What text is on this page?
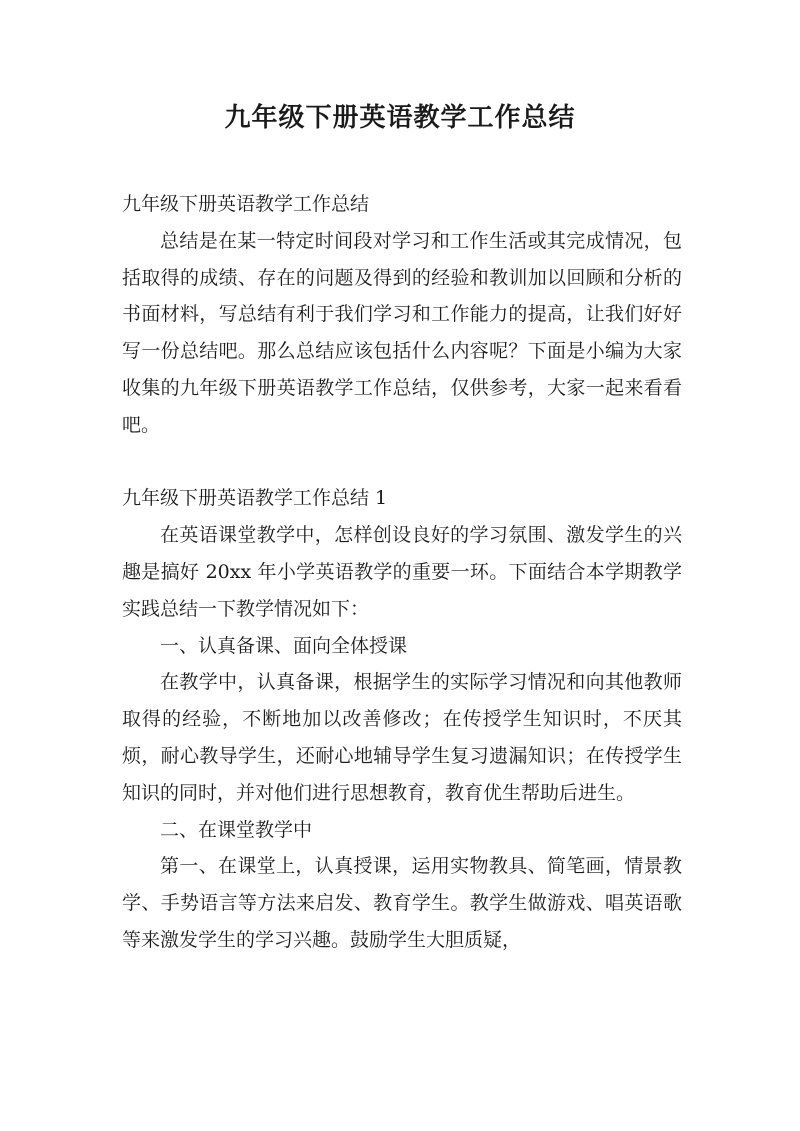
九年级下册英语教学工作总结

九年级下册英语教学工作总结

总结是在某一特定时间段对学习和工作生活或其完成情况，包括取得的成绩、存在的问题及得到的经验和教训加以回顾和分析的书面材料，写总结有利于我们学习和工作能力的提高，让我们好好写一份总结吧。那么总结应该包括什么内容呢？下面是小编为大家收集的九年级下册英语教学工作总结，仅供参考，大家一起来看看吧。

九年级下册英语教学工作总结 1

在英语课堂教学中，怎样创设良好的学习氛围、激发学生的兴趣是搞好 20xx 年小学英语教学的重要一环。下面结合本学期教学实践总结一下教学情况如下：

一、认真备课、面向全体授课

在教学中，认真备课，根据学生的实际学习情况和向其他教师取得的经验，不断地加以改善修改；在传授学生知识时，不厌其烦，耐心教导学生，还耐心地辅导学生复习遗漏知识；在传授学生知识的同时，并对他们进行思想教育，教育优生帮助后进生。

二、在课堂教学中

第一、在课堂上，认真授课，运用实物教具、简笔画，情景教学、手势语言等方法来启发、教育学生。教学生做游戏、唱英语歌等来激发学生的学习兴趣。鼓励学生大胆质疑，
